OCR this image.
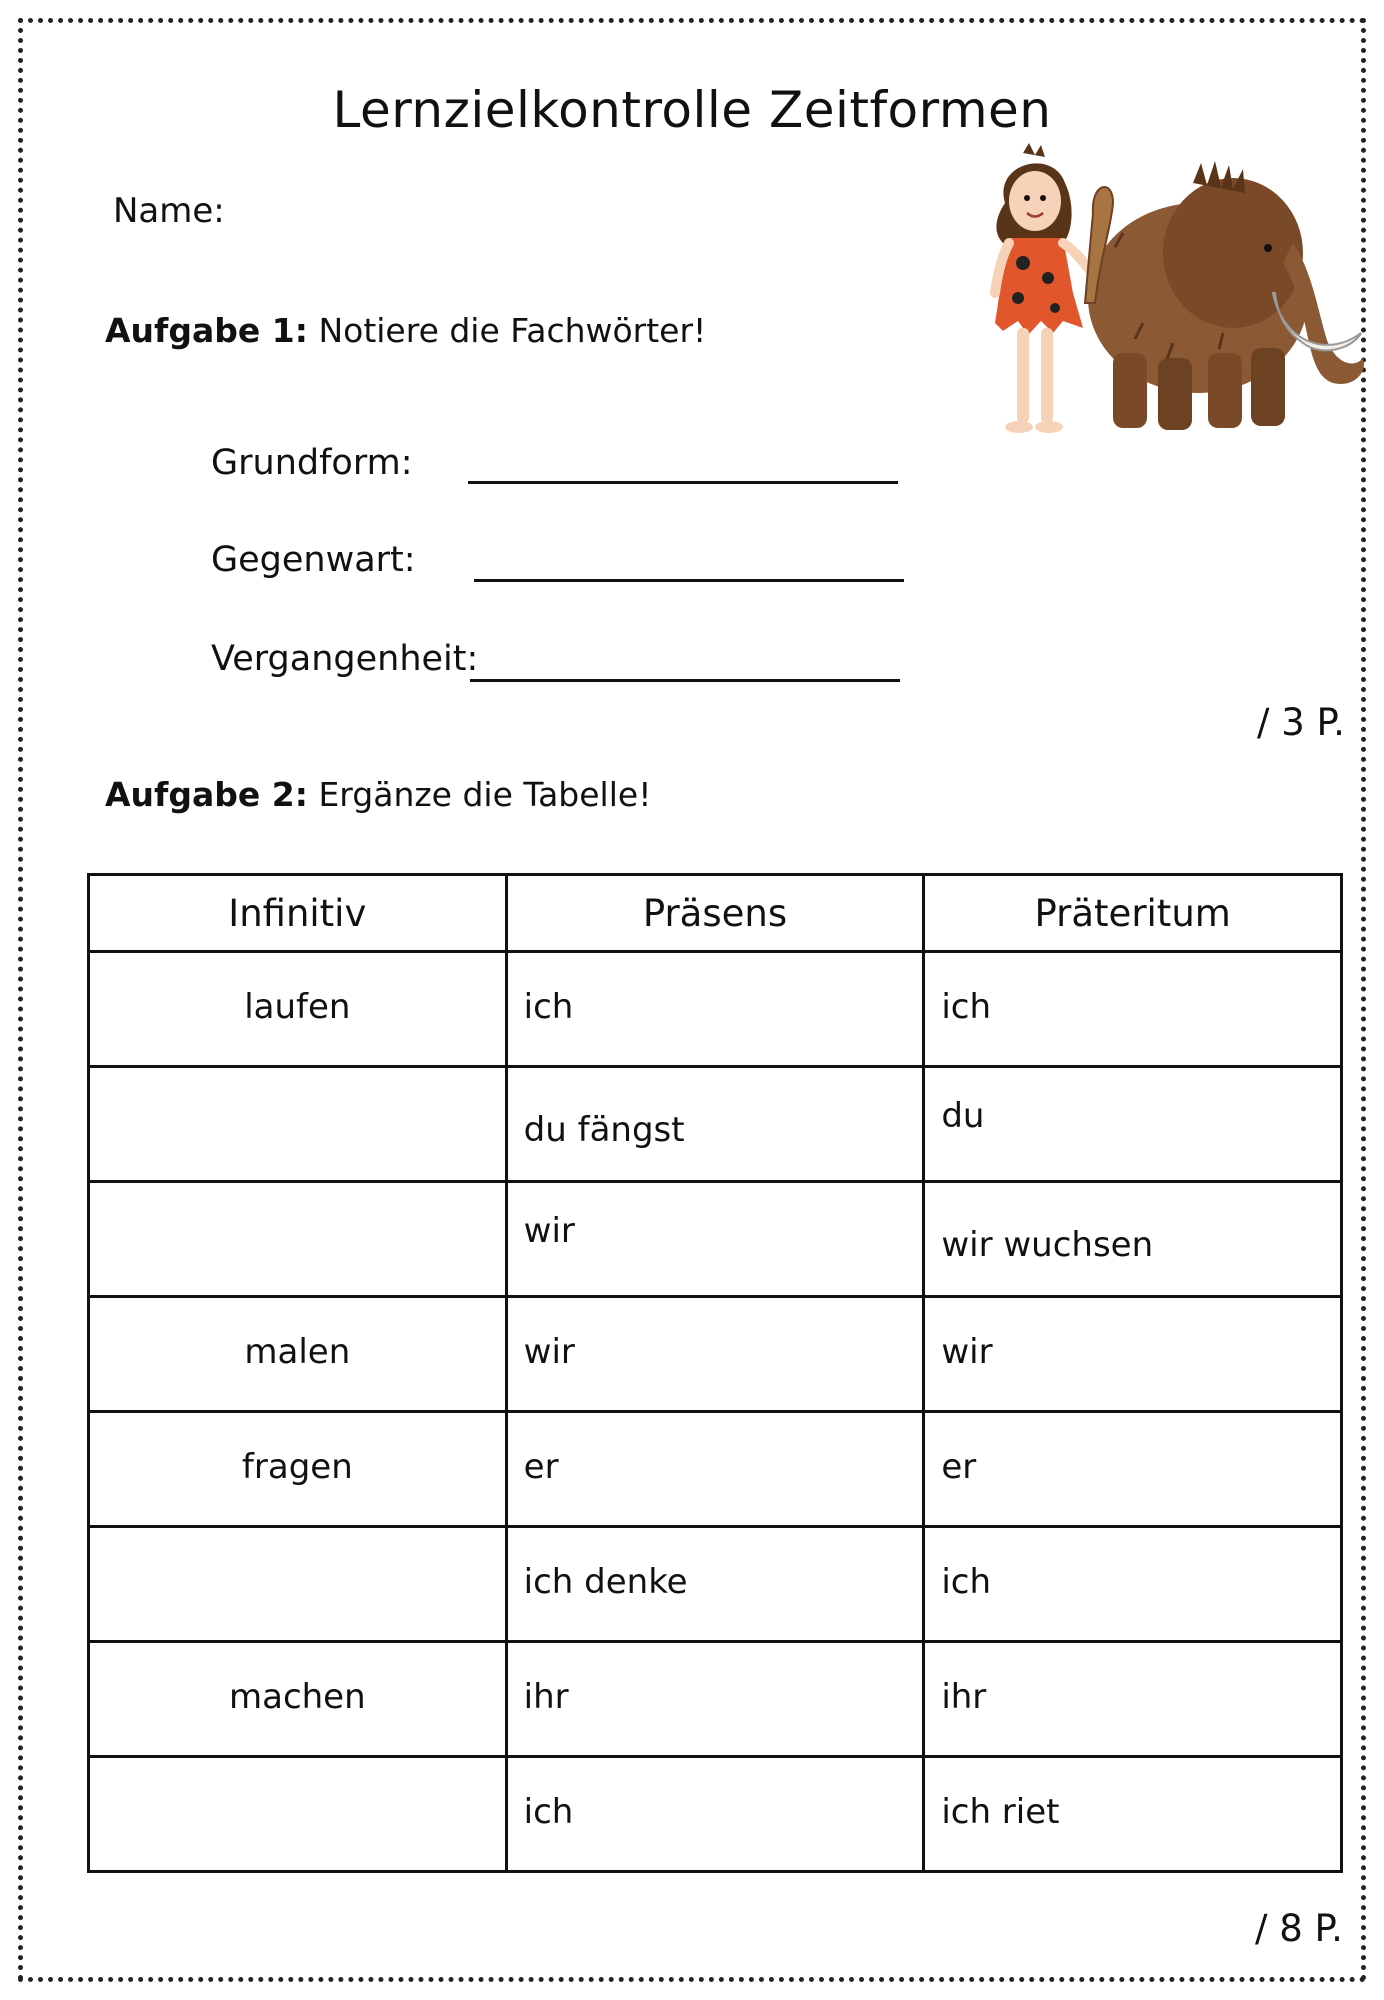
Lernzielkontrolle Zeitformen
Name:
Aufgabe 1: Notiere die Fachwörter!
Grundform:
Gegenwart:
Vergangenheit:
/ 3 P.
Aufgabe 2: Ergänze die Tabelle!
Infinitiv	Präsens	Präteritum

laufen	ich	ich

	du fängst	du

	wir	wir wuchsen

malen	wir	wir

fragen	er	er

	ich denke	ich

machen	ihr	ihr

	ich	ich riet
/ 8 P.
